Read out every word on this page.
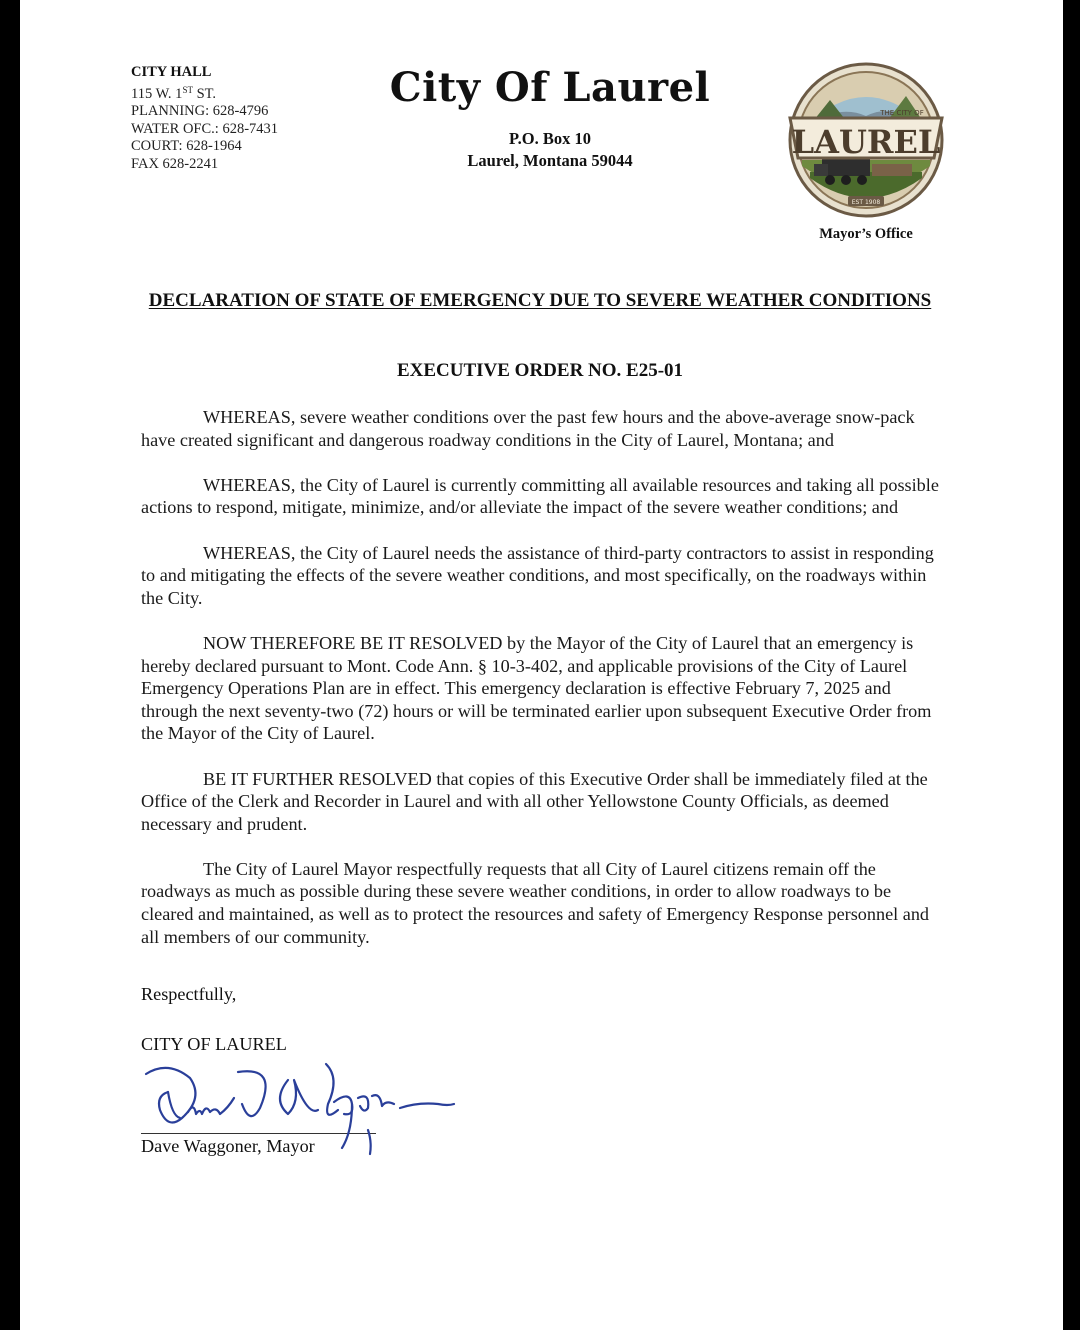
CITY HALL
115 W. 1ST ST.
PLANNING: 628-4796
WATER OFC.: 628-7431
COURT: 628-1964
FAX 628-2241
City Of Laurel
P.O. Box 10
Laurel, Montana 59044	LAUREL
THE CITY OF
EST 1908
Mayor’s Office
DECLARATION OF STATE OF EMERGENCY DUE TO SEVERE WEATHER CONDITIONS
EXECUTIVE ORDER NO. E25-01

WHEREAS, severe weather conditions over the past few hours and the above-average snow-pack have created significant and dangerous roadway conditions in the City of Laurel, Montana; and

WHEREAS, the City of Laurel is currently committing all available resources and taking all possible actions to respond, mitigate, minimize, and/or alleviate the impact of the severe weather conditions; and

WHEREAS, the City of Laurel needs the assistance of third-party contractors to assist in responding to and mitigating the effects of the severe weather conditions, and most specifically, on the roadways within the City.

NOW THEREFORE BE IT RESOLVED by the Mayor of the City of Laurel that an emergency is hereby declared pursuant to Mont. Code Ann. § 10-3-402, and applicable provisions of the City of Laurel Emergency Operations Plan are in effect. This emergency declaration is effective February 7, 2025 and through the next seventy-two (72) hours or will be terminated earlier upon subsequent Executive Order from the Mayor of the City of Laurel.

BE IT FURTHER RESOLVED that copies of this Executive Order shall be immediately filed at the Office of the Clerk and Recorder in Laurel and with all other Yellowstone County Officials, as deemed necessary and prudent.

The City of Laurel Mayor respectfully requests that all City of Laurel citizens remain off the roadways as much as possible during these severe weather conditions, in order to allow roadways to be cleared and maintained, as well as to protect the resources and safety of Emergency Response personnel and all members of our community.

Respectfully,
CITY OF LAUREL
Dave Waggoner, Mayor
